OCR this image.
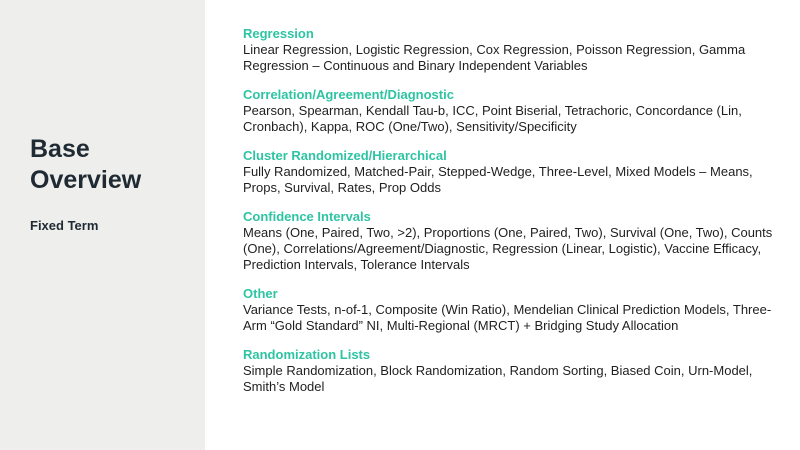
Base
Overview
Fixed Term
Regression
Linear Regression, Logistic Regression, Cox Regression, Poisson Regression, Gamma Regression – Continuous and Binary Independent Variables
Correlation/Agreement/Diagnostic
Pearson, Spearman, Kendall Tau-b, ICC, Point Biserial, Tetrachoric, Concordance (Lin, Cronbach), Kappa, ROC (One/Two), Sensitivity/Specificity
Cluster Randomized/Hierarchical
Fully Randomized, Matched-Pair, Stepped-Wedge, Three-Level, Mixed Models – Means, Props, Survival, Rates, Prop Odds
Confidence Intervals
Means (One, Paired, Two, >2), Proportions (One, Paired, Two), Survival (One, Two), Counts (One), Correlations/Agreement/Diagnostic, Regression (Linear, Logistic), Vaccine Efficacy, Prediction Intervals, Tolerance Intervals
Other
Variance Tests, n-of-1, Composite (Win Ratio), Mendelian Clinical Prediction Models, Three-Arm “Gold Standard” NI, Multi-Regional (MRCT) + Bridging Study Allocation
Randomization Lists
Simple Randomization, Block Randomization, Random Sorting, Biased Coin, Urn-Model, Smith’s Model
